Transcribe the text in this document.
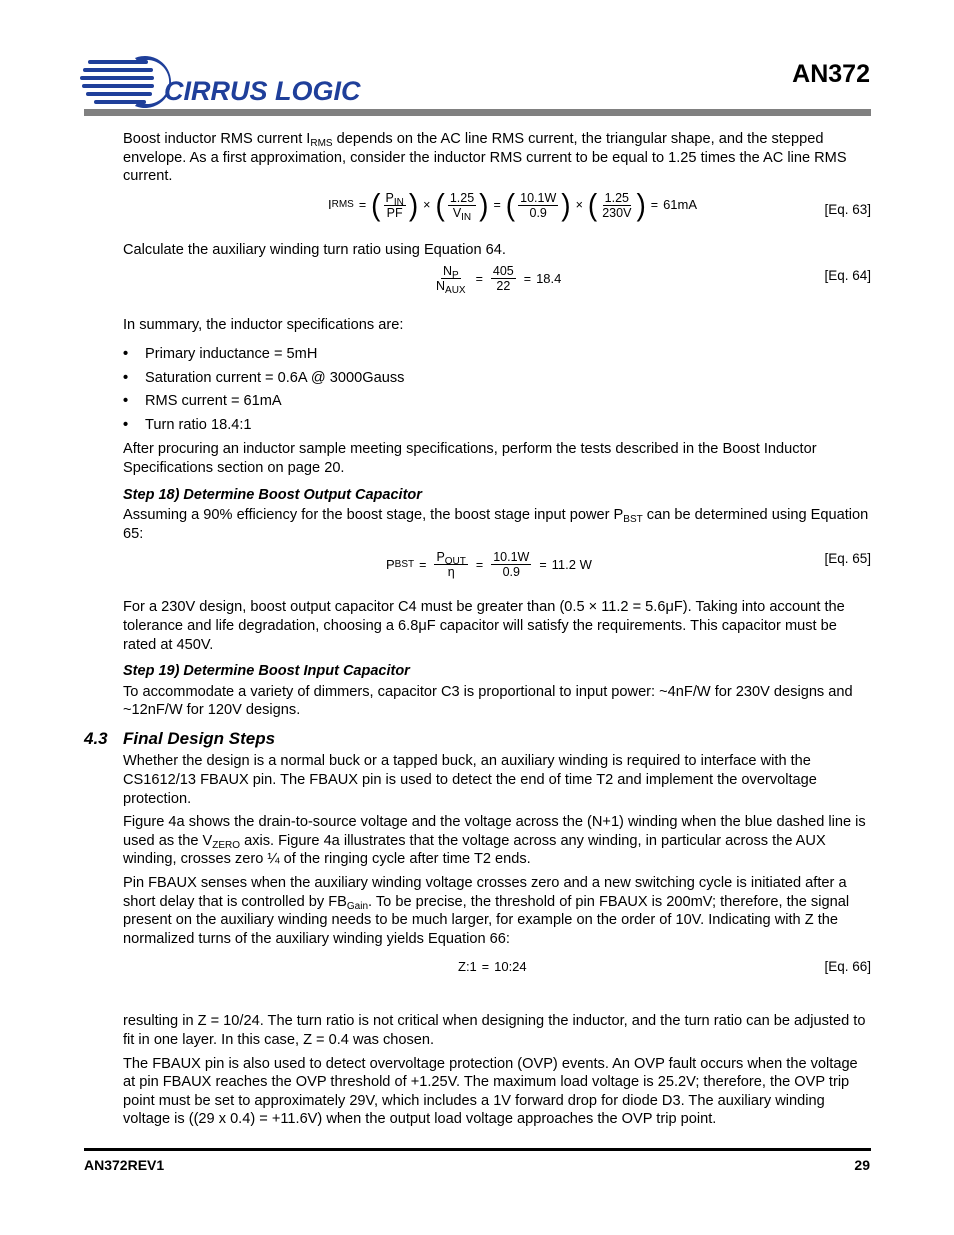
CIRRUS LOGIC
AN372

Boost inductor RMS current $I_{RMS}$ depends on the AC line RMS current, the triangular shape, and the stepped envelope. As a first approximation, consider the inductor RMS current to be equal to 1.25 times the AC line RMS current.

I RMS = ( $\frac{P_{IN}}{PF}$
) × ( $\frac{1.25}{V_{IN}}$
) = ( $\frac{10.1W}{0.9}$
) × ( $\frac{1.25}{230V}$
) = 61mA	[Eq. 63]

Calculate the auxiliary winding turn ratio using Equation 64.

$\frac{N_P}{N_{AUX}} = \frac{405}{22} = 18.4$	[Eq. 64]

In summary, the inductor specifications are:

• Primary inductance = 5mH
• Saturation current = 0.6A @ 3000Gauss
• RMS current = 61mA
• Turn ratio 18.4:1

After procuring an inductor sample meeting specifications, perform the tests described in the Boost Inductor Specifications section on page 20.

Step 18) Determine Boost Output Capacitor

Assuming a 90% efficiency for the boost stage, the boost stage input power $P_{BST}$ can be determined using Equation 65:

P BST = $\frac{P_{OUT}}{\eta} = \frac{10.1W}{0.9} = 11.2$ W	[Eq. 65]

For a 230V design, boost output capacitor C4 must be greater than (0.5 × 11.2 = 5.6μF). Taking into account the tolerance and life degradation, choosing a 6.8μF capacitor will satisfy the requirements. This capacitor must be rated at 450V.

Step 19) Determine Boost Input Capacitor

To accommodate a variety of dimmers, capacitor C3 is proportional to input power: ~4nF/W for 230V designs and ~12nF/W for 120V designs.

4.3 Final Design Steps

Whether the design is a normal buck or a tapped buck, an auxiliary winding is required to interface with the CS1612/13 FBAUX pin. The FBAUX pin is used to detect the end of time T2 and implement the overvoltage protection.

Figure 4a shows the drain-to-source voltage and the voltage across the (N+1) winding when the blue dashed line is used as the $V_{ZERO}$ axis. Figure 4a illustrates that the voltage across any winding, in particular across the AUX winding, crosses zero ¼ of the ringing cycle after time T2 ends.

Pin FBAUX senses when the auxiliary winding voltage crosses zero and a new switching cycle is initiated after a short delay that is controlled by $FB_{Gain}$. To be precise, the threshold of pin FBAUX is 200mV; therefore, the signal present on the auxiliary winding needs to be much larger, for example on the order of 10V. Indicating with Z the normalized turns of the auxiliary winding yields Equation 66:

Z:1 = 10:24	[Eq. 66]

resulting in Z = 10/24. The turn ratio is not critical when designing the inductor, and the turn ratio can be adjusted to fit in one layer. In this case, Z = 0.4 was chosen.

The FBAUX pin is also used to detect overvoltage protection (OVP) events. An OVP fault occurs when the voltage at pin FBAUX reaches the OVP threshold of +1.25V. The maximum load voltage is 25.2V; therefore, the OVP trip point must be set to approximately 29V, which includes a 1V forward drop for diode D3. The auxiliary winding voltage is ((29 x 0.4) = +11.6V) when the output load voltage approaches the OVP trip point.

AN372REV1	29
